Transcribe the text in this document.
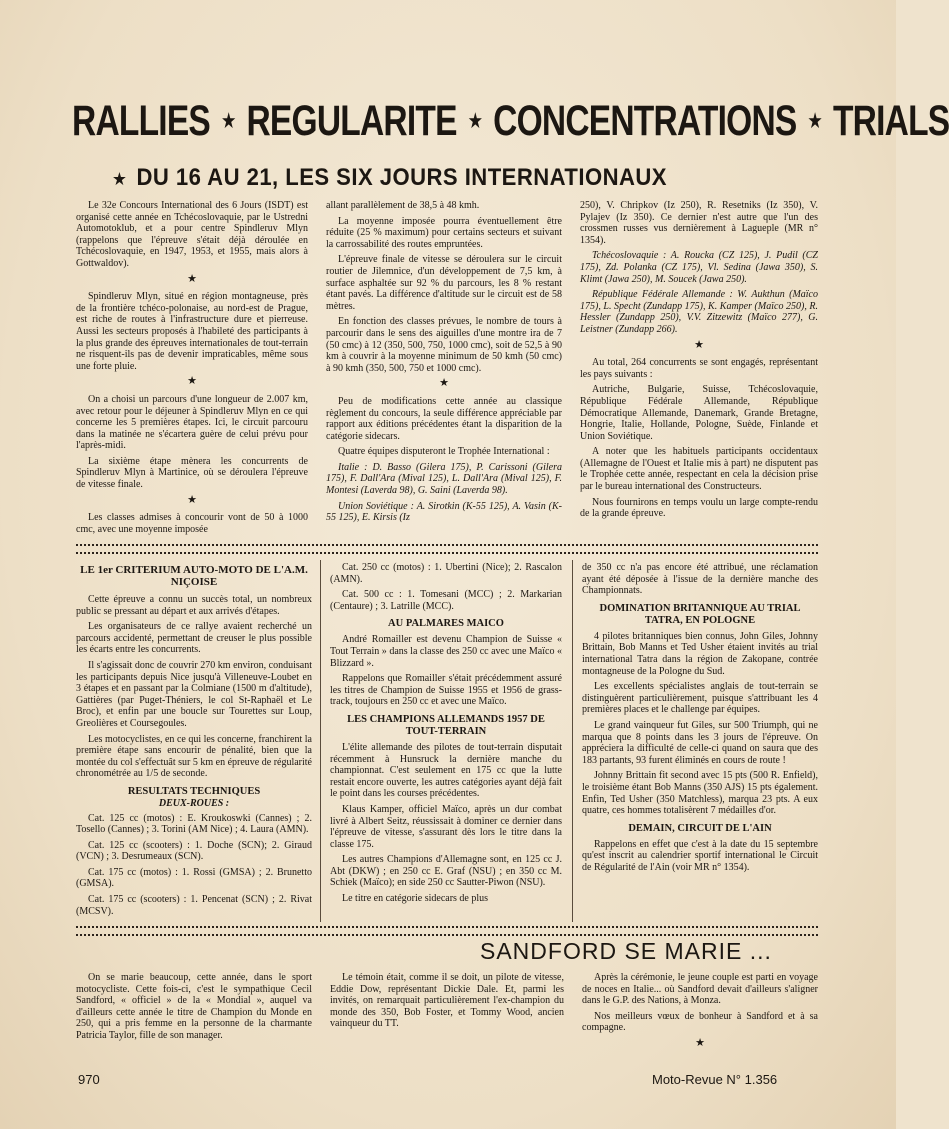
RALLIES ★ REGULARITE ★ CONCENTRATIONS ★ TRIALS
★ DU 16 AU 21, LES SIX JOURS INTERNATIONAUX

Le 32e Concours International des 6 Jours (ISDT) est organisé cette année en Tchécoslovaquie, par le Ustredni Automotoklub, et a pour centre Spindleruv Mlyn (rappelons que l'épreuve s'était déjà déroulée en Tchécoslovaquie, en 1947, 1953, et 1955, mais alors à Gottwaldov).

★

Spindleruv Mlyn, situé en région montagneuse, près de la frontière tchéco-polonaise, au nord-est de Prague, est riche de routes à l'infrastructure dure et pierreuse. Aussi les secteurs proposés à l'habileté des participants à la plus grande des épreuves internationales de tout-terrain ne risquent-ils pas de devenir impraticables, même sous une forte pluie.

★

On a choisi un parcours d'une longueur de 2.007 km, avec retour pour le déjeuner à Spindleruv Mlyn en ce qui concerne les 5 premières étapes. Ici, le circuit parcouru dans la matinée ne s'écartera guère de celui prévu pour l'après-midi.

La sixième étape mènera les concurrents de Spindleruv Mlyn à Martinice, où se déroulera l'épreuve de vitesse finale.

★

Les classes admises à concourir vont de 50 à 1000 cmc, avec une moyenne imposée

allant parallèlement de 38,5 à 48 kmh.

La moyenne imposée pourra éventuellement être réduite (25 % maximum) pour certains secteurs et suivant la carrossabilité des routes empruntées.

L'épreuve finale de vitesse se déroulera sur le circuit routier de Jilemnice, d'un développement de 7,5 km, à surface asphaltée sur 92 % du parcours, les 8 % restant étant pavés. La différence d'altitude sur le circuit est de 58 mètres.

En fonction des classes prévues, le nombre de tours à parcourir dans le sens des aiguilles d'une montre ira de 7 (50 cmc) à 12 (350, 500, 750, 1000 cmc), soit de 52,5 à 90 km à couvrir à la moyenne minimum de 50 kmh (50 cmc) à 90 kmh (350, 500, 750 et 1000 cmc).

★

Peu de modifications cette année au classique règlement du concours, la seule différence appréciable par rapport aux éditions précédentes étant la disparition de la catégorie sidecars.

Quatre équipes disputeront le Trophée International :

Italie : D. Basso (Gilera 175), P. Carissoni (Gilera 175), F. Dall'Ara (Mival 125), L. Dall'Ara (Mival 125), F. Montesi (Laverda 98), G. Saini (Laverda 98).

Union Soviétique : A. Sirotkin (K-55 125), A. Vasin (K-55 125), E. Kirsis (Iz

250), V. Chripkov (Iz 250), R. Resetniks (Iz 350), V. Pylajev (Iz 350). Ce dernier n'est autre que l'un des crossmen russes vus dernièrement à Lagueple (MR n° 1354).

Tchécoslovaquie : A. Roucka (CZ 125), J. Pudil (CZ 175), Zd. Polanka (CZ 175), Vl. Sedina (Jawa 350), S. Klimt (Jawa 250), M. Soucek (Jawa 250).

République Fédérale Allemande : W. Aukthun (Maïco 175), L. Specht (Zundapp 175), K. Kamper (Maïco 250), R. Hessler (Zundapp 250), V.V. Zitzewitz (Maïco 277), G. Leistner (Zundapp 266).

★

Au total, 264 concurrents se sont engagés, représentant les pays suivants :

Autriche, Bulgarie, Suisse, Tchécoslovaquie, République Fédérale Allemande, République Démocratique Allemande, Danemark, Grande Bretagne, Hongrie, Italie, Hollande, Pologne, Suède, Finlande et Union Soviétique.

A noter que les habituels participants occidentaux (Allemagne de l'Ouest et Italie mis à part) ne disputent pas le Trophée cette année, respectant en cela la décision prise par le bureau international des Constructeurs.

Nous fournirons en temps voulu un large compte-rendu de la grande épreuve.

LE 1er CRITERIUM AUTO-MOTO DE L'A.M. NIÇOISE

Cette épreuve a connu un succès total, un nombreux public se pressant au départ et aux arrivés d'étapes.

Les organisateurs de ce rallye avaient recherché un parcours accidenté, permettant de creuser le plus possible les écarts entre les concurrents.

Il s'agissait donc de couvrir 270 km environ, conduisant les participants depuis Nice jusqu'à Villeneuve-Loubet en 3 étapes et en passant par la Colmiane (1500 m d'altitude), Gattières (par Puget-Théniers, le col St-Raphaël et Le Broc), et enfin par une boucle sur Tourettes sur Loup, Greolières et Coursegoules.

Les motocyclistes, en ce qui les concerne, franchirent la première étape sans encourir de pénalité, bien que la montée du col s'effectuât sur 5 km en épreuve de régularité chronométrée au 1/5 de seconde.

RESULTATS TECHNIQUES
DEUX-ROUES :

Cat. 125 cc (motos) : E. Kroukoswki (Cannes) ; 2. Tosello (Cannes) ; 3. Torini (AM Nice) ; 4. Laura (AMN).

Cat. 125 cc (scooters) : 1. Doche (SCN); 2. Giraud (VCN) ; 3. Desrumeaux (SCN).

Cat. 175 cc (motos) : 1. Rossi (GMSA) ; 2. Brunetto (GMSA).

Cat. 175 cc (scooters) : 1. Pencenat (SCN) ; 2. Rivat (MCSV).

Cat. 250 cc (motos) : 1. Ubertini (Nice); 2. Rascalon (AMN).

Cat. 500 cc : 1. Tomesani (MCC) ; 2. Markarian (Centaure) ; 3. Latrille (MCC).

AU PALMARES MAICO

André Romailler est devenu Champion de Suisse « Tout Terrain » dans la classe des 250 cc avec une Maïco « Blizzard ».

Rappelons que Romailler s'était précédemment assuré les titres de Champion de Suisse 1955 et 1956 de grass-track, toujours en 250 cc et avec une Maïco.

LES CHAMPIONS ALLEMANDS 1957 DE TOUT-TERRAIN

L'élite allemande des pilotes de tout-terrain disputait récemment à Hunsruck la dernière manche du championnat. C'est seulement en 175 cc que la lutte restait encore ouverte, les autres catégories ayant déjà fait le point dans les courses précédentes.

Klaus Kamper, officiel Maïco, après un dur combat livré à Albert Seitz, réussissait à dominer ce dernier dans l'épreuve de vitesse, s'assurant dès lors le titre dans la classe 175.

Les autres Champions d'Allemagne sont, en 125 cc J. Abt (DKW) ; en 250 cc E. Graf (NSU) ; en 350 cc M. Schiek (Maïco); en side 250 cc Sautter-Piwon (NSU).

Le titre en catégorie sidecars de plus

de 350 cc n'a pas encore été attribué, une réclamation ayant été déposée à l'issue de la dernière manche des Championnats.

DOMINATION BRITANNIQUE AU TRIAL TATRA, EN POLOGNE

4 pilotes britanniques bien connus, John Giles, Johnny Brittain, Bob Manns et Ted Usher étaient invités au trial international Tatra dans la région de Zakopane, contrée montagneuse de la Pologne du Sud.

Les excellents spécialistes anglais de tout-terrain se distinguèrent particulièrement, puisque s'attribuant les 4 premières places et le challenge par équipes.

Le grand vainqueur fut Giles, sur 500 Triumph, qui ne marqua que 8 points dans les 3 jours de l'épreuve. On appréciera la difficulté de celle-ci quand on saura que des 183 partants, 93 furent éliminés en cours de route !

Johnny Brittain fit second avec 15 pts (500 R. Enfield), le troisième étant Bob Manns (350 AJS) 15 pts également. Enfin, Ted Usher (350 Matchless), marqua 23 pts. A eux quatre, ces hommes totalisèrent 7 médailles d'or.

DEMAIN, CIRCUIT DE L'AIN

Rappelons en effet que c'est à la date du 15 septembre qu'est inscrit au calendrier sportif international le Circuit de Régularité de l'Ain (voir MR n° 1354).

SANDFORD SE MARIE ...

On se marie beaucoup, cette année, dans le sport motocycliste. Cette fois-ci, c'est le sympathique Cecil Sandford, « officiel » de la « Mondial », auquel va d'ailleurs cette année le titre de Champion du Monde en 250, qui a pris femme en la personne de la charmante Patricia Taylor, fille de son manager.

Le témoin était, comme il se doit, un pilote de vitesse, Eddie Dow, représentant Dickie Dale. Et, parmi les invités, on remarquait particulièrement l'ex-champion du monde des 350, Bob Foster, et Tommy Wood, ancien vainqueur du TT.

Après la cérémonie, le jeune couple est parti en voyage de noces en Italie... où Sandford devait d'ailleurs s'aligner dans le G.P. des Nations, à Monza.

Nos meilleurs vœux de bonheur à Sandford et à sa compagne.

★
970	Moto-Revue N° 1.356
